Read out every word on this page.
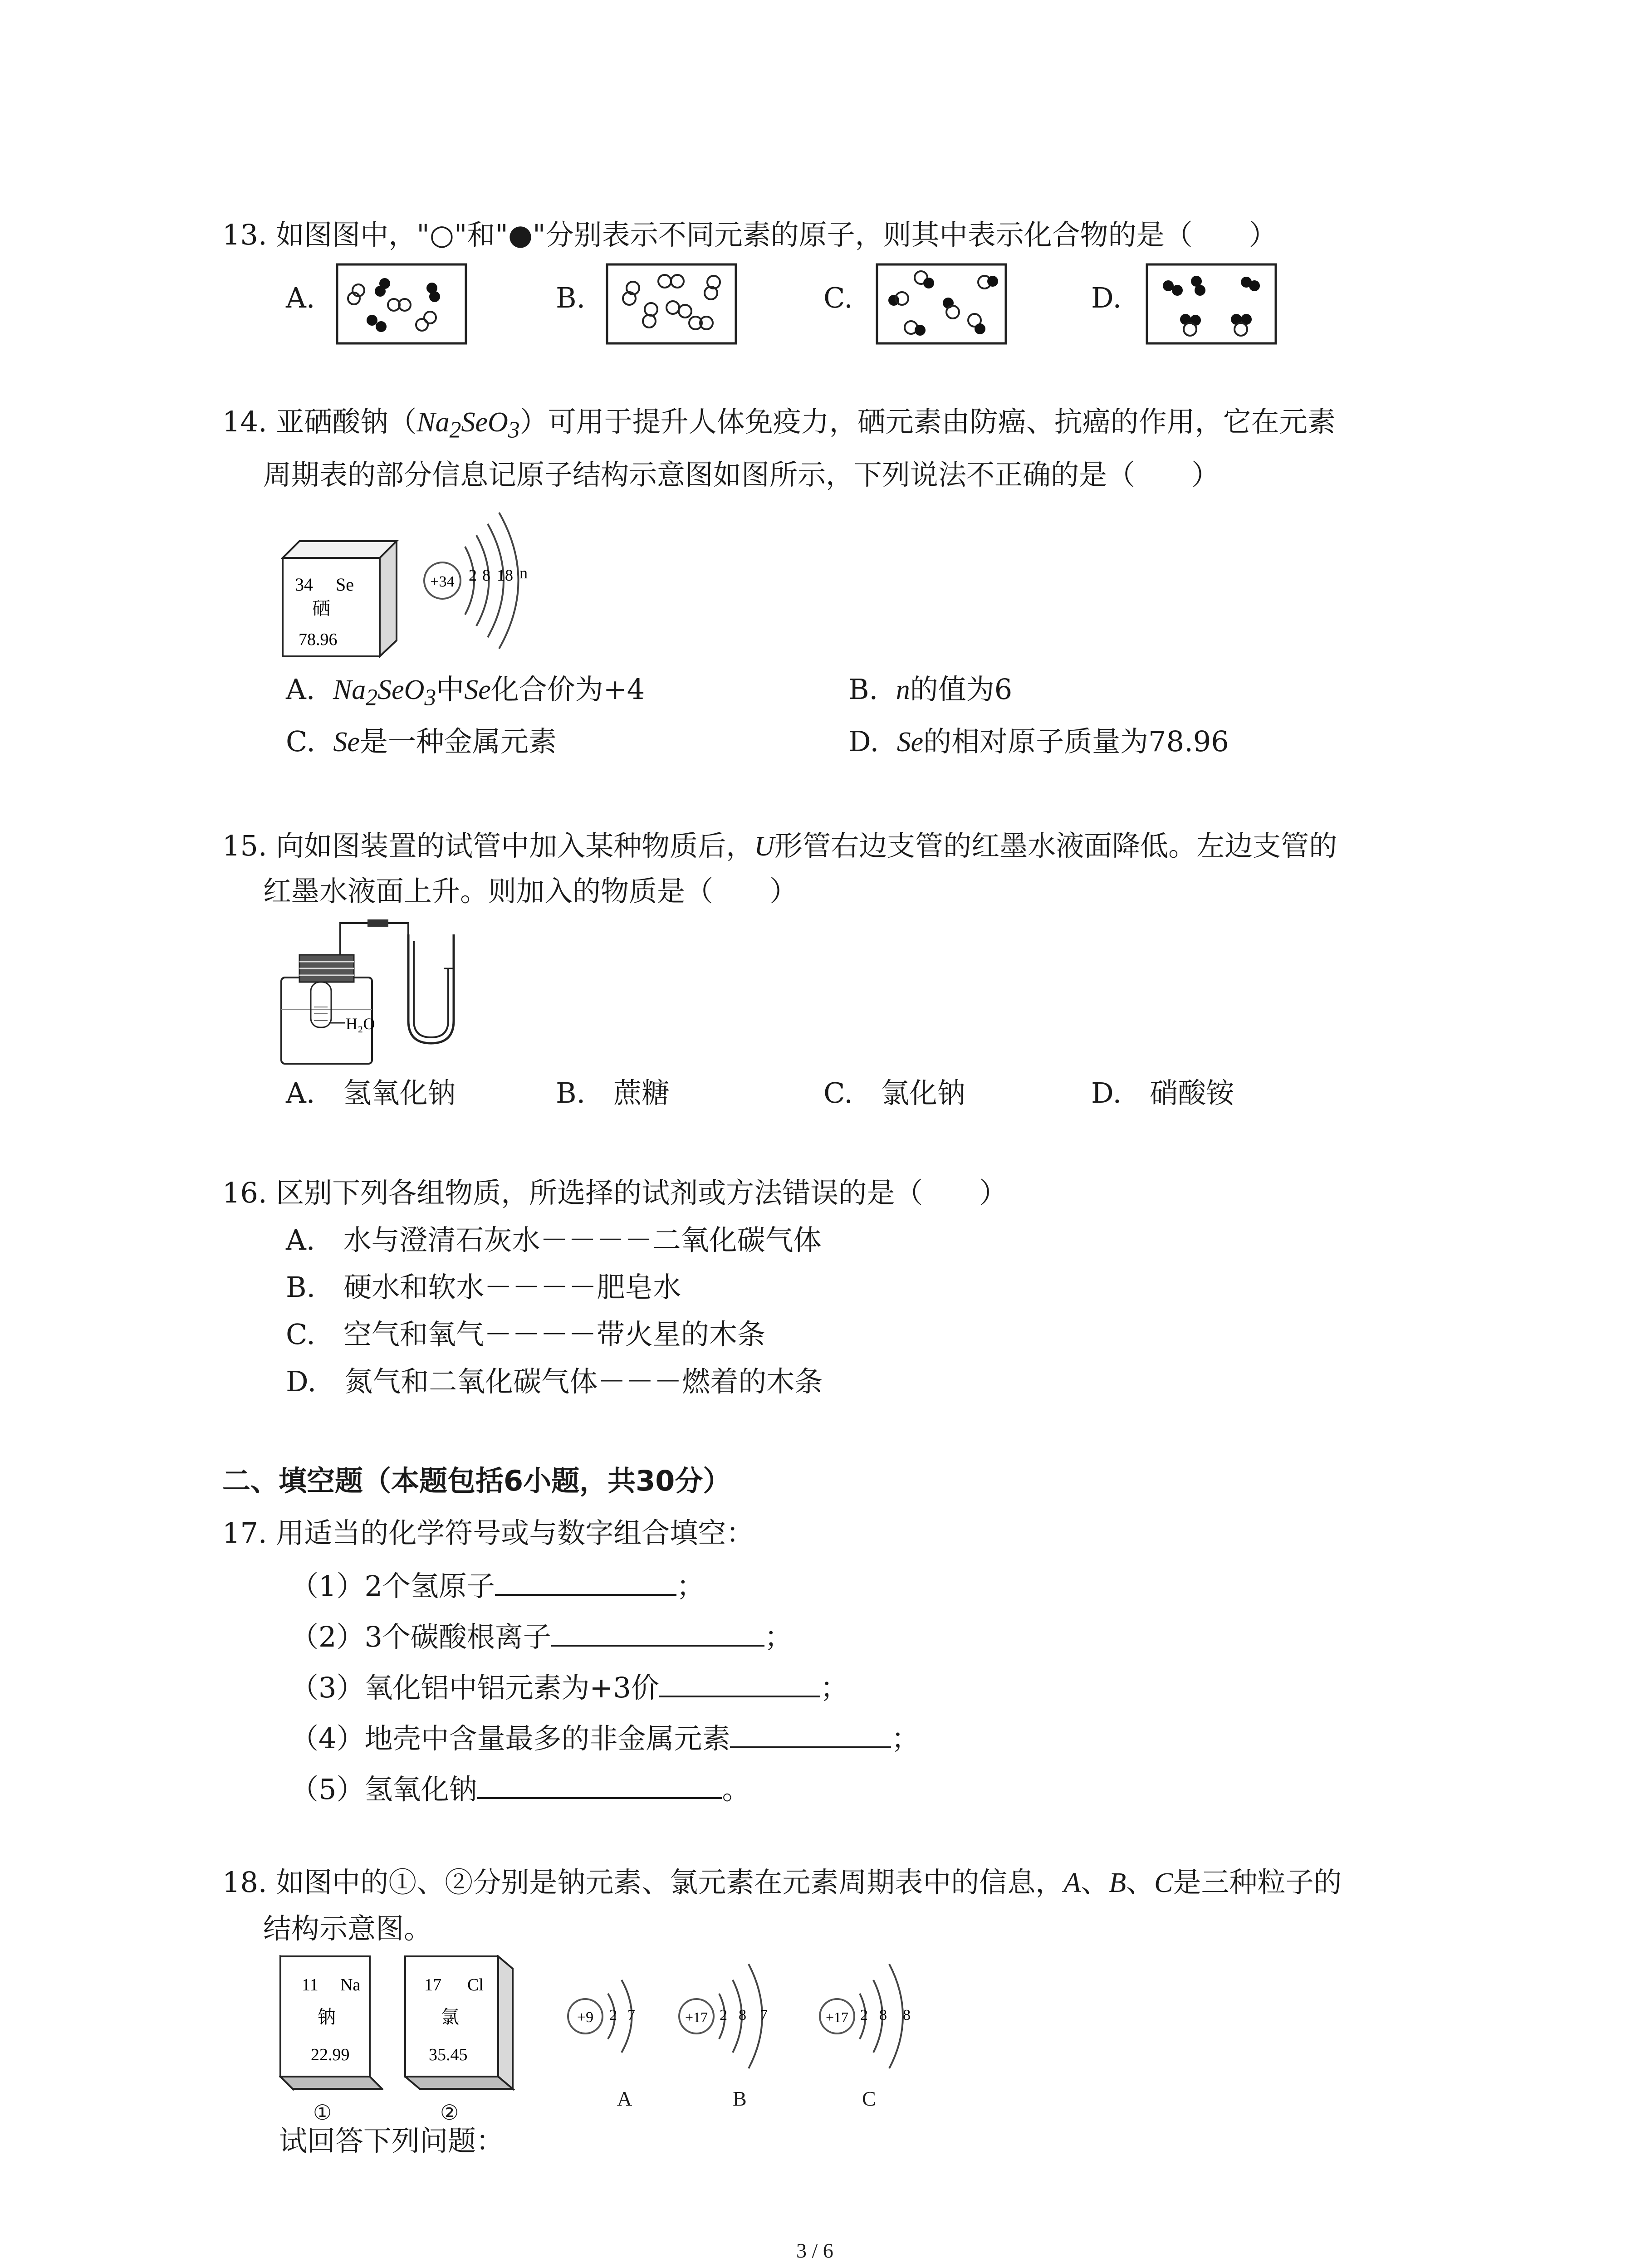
13. 如图图中，"○"和"●"分别表示不同元素的原子，则其中表示化合物的是（　　）
A.	B.	C.	D.
14. 亚硒酸钠$(Na_2SeO_3)$可用于提升人体免疫力，硒元素由防癌、抗癌的作用，它在元素
周期表的部分信息记原子结构示意图如图所示，下列说法不正确的是（　　）
34 Se
硒
78.96
+34 2 8 18 n
A. $Na_2SeO_3$中Se化合价为+4	B. n的值为6
C. Se是一种金属元素	D. Se的相对原子质量为78.96
15. 向如图装置的试管中加入某种物质后，U形管右边支管的红墨水液面降低。左边支管的
红墨水液面上升。则加入的物质是（　　）
H₂O
A.　氢氧化钠	B.　蔗糖	C.　氯化钠	D.　硝酸铵
16. 区别下列各组物质，所选择的试剂或方法错误的是（　　）
A.　水与澄清石灰水－－－－二氧化碳气体
B.　硬水和软水－－－－肥皂水
C.　空气和氧气－－－－带火星的木条
D.　氮气和二氧化碳气体－－－燃着的木条
二、填空题（本题包括6小题，共30分）
17. 用适当的化学符号或与数字组合填空：
（1）2个氢原子	；
（2）3个碳酸根离子	；
（3）氧化铝中铝元素为+3价	；
（4）地壳中含量最多的非金属元素	；
（5）氢氧化钠	。
18. 如图中的①、②分别是钠元素、氯元素在元素周期表中的信息，A、B、C是三种粒子的
结构示意图。
11 Na
钠
22.99
①
17 Cl
氯
35.45
②
+9 2 7
A
+17 2 8 7
B
+17 2 8 8
C
试回答下列问题：
3 / 6
